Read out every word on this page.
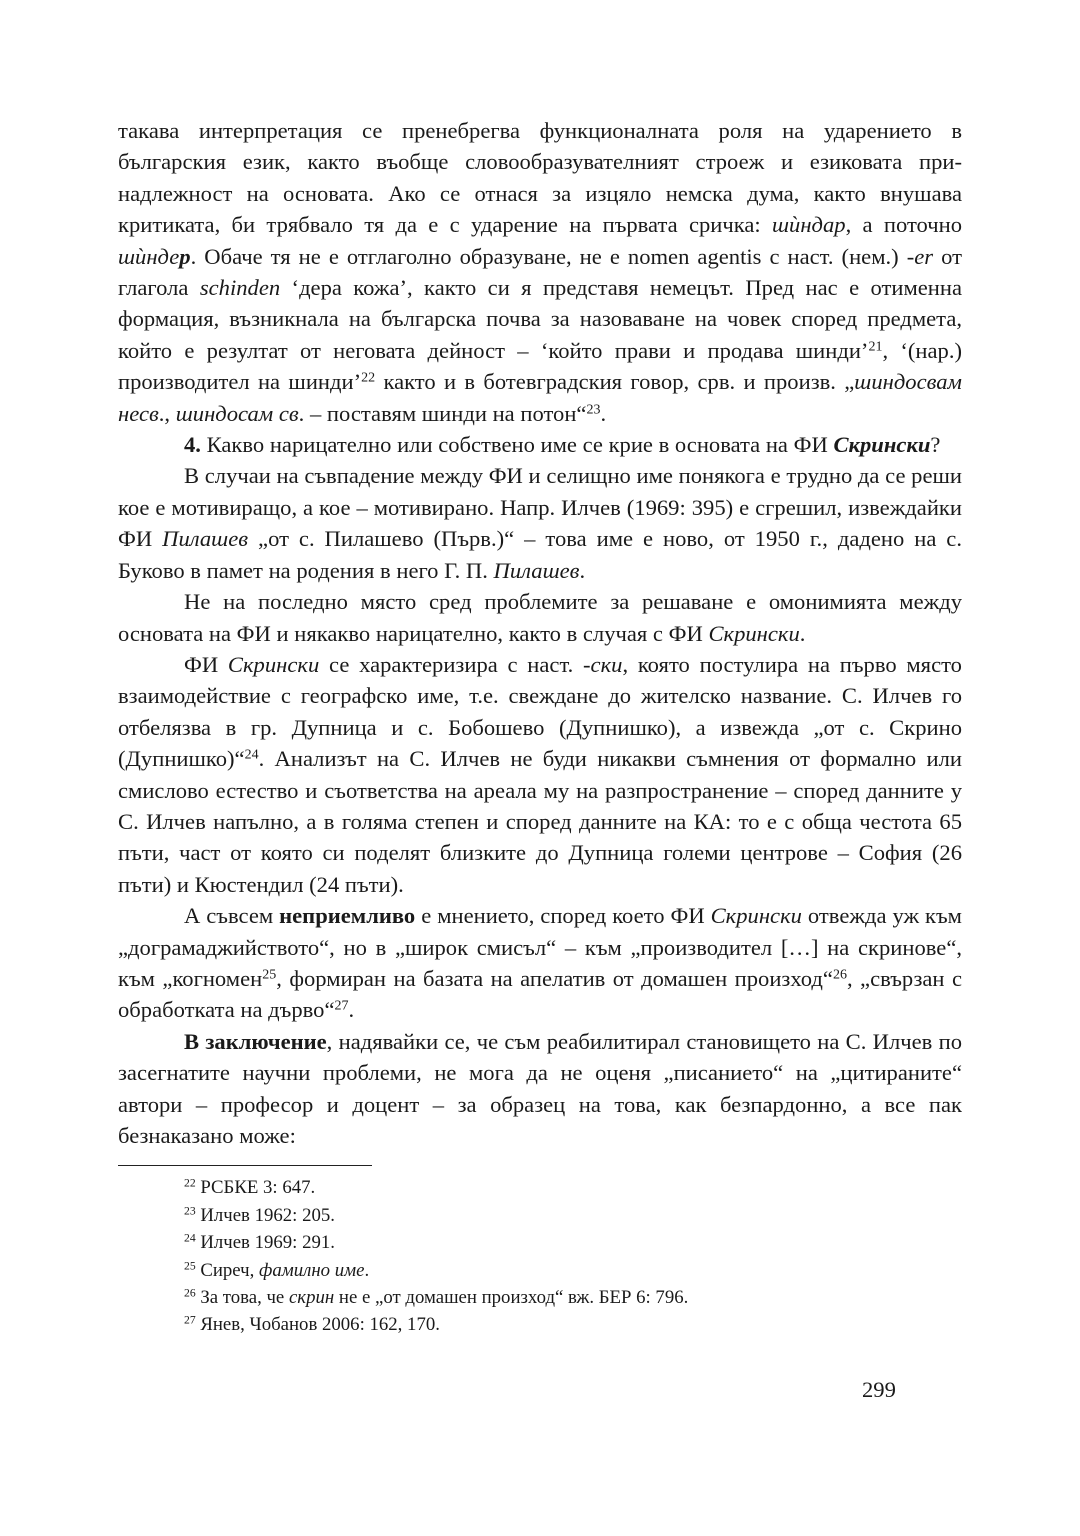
такава интерпретация се пренебрегва функционалната роля на ударението в българския език, както въобще словообразувателният строеж и езиковата принадлежност на основата. Ако се отнася за изцяло немска дума, както внушава критиката, би трябвало тя да е с ударение на първата сричка: шѝндар, а поточно шѝндер. Обаче тя не е отглаголно образуване, не е nomen agentis с наст. (нем.) -er от глагола schinden ‘дера кожа’, както си я представя немецът. Пред нас е отименна формация, възникнала на българска почва за назоваване на човек според предмета, който е резултат от неговата дейност – ‘който прави и продава шинди’$^{21}$, ‘(нар.) производител на шинди’$^{22}$ както и в ботевградския говор, срв. и произв. „шиндосвам несв., шиндосам св. – поставям шинди на потон“$^{23}$.

4. Какво нарицателно или собствено име се крие в основата на ФИ Скрински?

В случаи на съвпадение между ФИ и селищно име понякога е трудно да се реши кое е мотивиращо, а кое – мотивирано. Напр. Илчев (1969: 395) е сгрешил, извеждайки ФИ Пилашев „от с. Пилашево (Първ.)“ – това име е ново, от 1950 г., дадено на с. Буково в памет на родения в него Г. П. Пилашев.

Не на последно място сред проблемите за решаване е омонимията между основата на ФИ и някакво нарицателно, както в случая с ФИ Скрински.

ФИ Скрински се характеризира с наст. -ски, която постулира на първо място взаимодействие с географско име, т.е. свеждане до жителско название. С. Илчев го отбелязва в гр. Дупница и с. Бобошево (Дупнишко), а извежда „от с. Скрино (Дупнишко)“$^{24}$. Анализът на С. Илчев не буди никакви съмнения от формално или смислово естество и съответства на ареала му на разпространение – според данните у С. Илчев напълно, а в голяма степен и според данните на КА: то е с обща честота 65 пъти, част от която си поделят близките до Дупница големи центрове – София (26 пъти) и Кюстендил (24 пъти).

А съвсем неприемливо е мнението, според което ФИ Скрински отвежда уж към „дограмаджийството“, но в „широк смисъл“ – към „производител […] на скринове“, към „когномен$^{25}$, формиран на базата на апелатив от домашен произход“$^{26}$, „свързан с обработката на дърво“$^{27}$.

В заключение, надявайки се, че съм реабилитирал становището на С. Илчев по засегнатите научни проблеми, не мога да не оценя „писанието“ на „цитираните“ автори – професор и доцент – за образец на това, как безпардонно, а все пак безнаказано може:

$^{22}$ РСБКЕ 3: 647.

$^{23}$ Илчев 1962: 205.

$^{24}$ Илчев 1969: 291.

$^{25}$ Сиреч, фамилно име.

$^{26}$ За това, че скрин не е „от домашен произход“ вж. БЕР 6: 796.

$^{27}$ Янев, Чобанов 2006: 162, 170.

299
